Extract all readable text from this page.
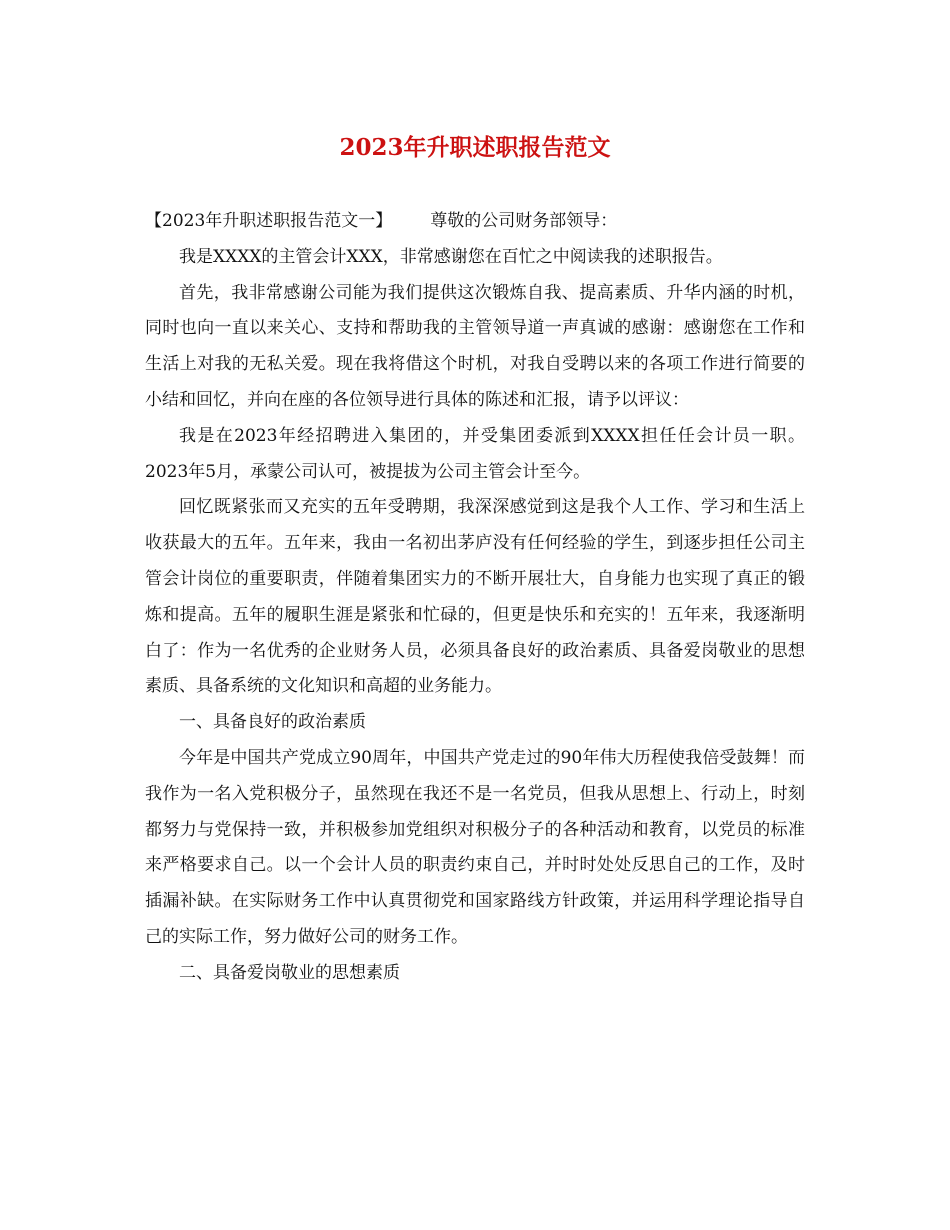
2023年升职述职报告范文

【2023年升职述职报告范文一】 尊敬的公司财务部领导：

我是XXXX的主管会计XXX，非常感谢您在百忙之中阅读我的述职报告。

首先，我非常感谢公司能为我们提供这次锻炼自我、提高素质、升华内涵的时机，同时也向一直以来关心、支持和帮助我的主管领导道一声真诚的感谢：感谢您在工作和生活上对我的无私关爱。现在我将借这个时机，对我自受聘以来的各项工作进行简要的小结和回忆，并向在座的各位领导进行具体的陈述和汇报，请予以评议：

我是在2023年经招聘进入集团的，并受集团委派到XXXX担任任会计员一职。2023年5月，承蒙公司认可，被提拔为公司主管会计至今。

回忆既紧张而又充实的五年受聘期，我深深感觉到这是我个人工作、学习和生活上收获最大的五年。五年来，我由一名初出茅庐没有任何经验的学生，到逐步担任公司主管会计岗位的重要职责，伴随着集团实力的不断开展壮大，自身能力也实现了真正的锻炼和提高。五年的履职生涯是紧张和忙碌的，但更是快乐和充实的！五年来，我逐渐明白了：作为一名优秀的企业财务人员，必须具备良好的政治素质、具备爱岗敬业的思想素质、具备系统的文化知识和高超的业务能力。

一、具备良好的政治素质

今年是中国共产党成立90周年，中国共产党走过的90年伟大历程使我倍受鼓舞！而我作为一名入党积极分子，虽然现在我还不是一名党员，但我从思想上、行动上，时刻都努力与党保持一致，并积极参加党组织对积极分子的各种活动和教育，以党员的标准来严格要求自己。以一个会计人员的职责约束自己，并时时处处反思自己的工作，及时插漏补缺。在实际财务工作中认真贯彻党和国家路线方针政策，并运用科学理论指导自己的实际工作，努力做好公司的财务工作。

二、具备爱岗敬业的思想素质
